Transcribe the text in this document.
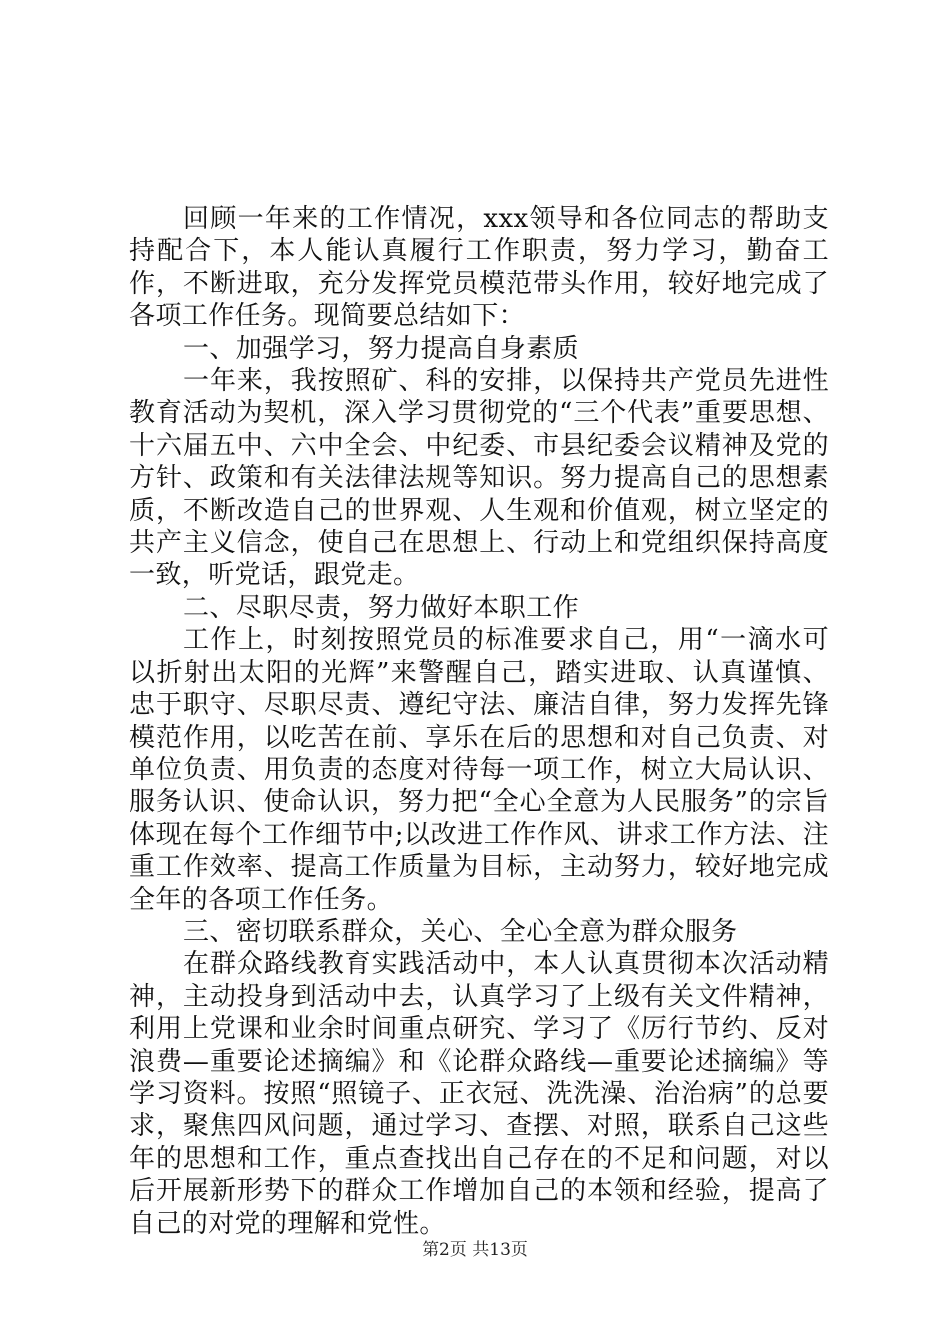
回顾一年来的工作情况，xxx领导和各位同志的帮助支持配合下，本人能认真履行工作职责，努力学习，勤奋工作，不断进取，充分发挥党员模范带头作用，较好地完成了各项工作任务。现简要总结如下：

一、加强学习，努力提高自身素质

一年来，我按照矿、科的安排，以保持共产党员先进性教育活动为契机，深入学习贯彻党的“三个代表”重要思想、十六届五中、六中全会、中纪委、市县纪委会议精神及党的方针、政策和有关法律法规等知识。努力提高自己的思想素质，不断改造自己的世界观、人生观和价值观，树立坚定的共产主义信念，使自己在思想上、行动上和党组织保持高度一致，听党话，跟党走。

二、尽职尽责，努力做好本职工作

工作上，时刻按照党员的标准要求自己，用“一滴水可以折射出太阳的光辉”来警醒自己，踏实进取、认真谨慎、忠于职守、尽职尽责、遵纪守法、廉洁自律，努力发挥先锋模范作用，以吃苦在前、享乐在后的思想和对自己负责、对单位负责、用负责的态度对待每一项工作，树立大局认识、服务认识、使命认识，努力把“全心全意为人民服务”的宗旨体现在每个工作细节中;以改进工作作风、讲求工作方法、注重工作效率、提高工作质量为目标，主动努力，较好地完成全年的各项工作任务。

三、密切联系群众，关心、全心全意为群众服务

在群众路线教育实践活动中，本人认真贯彻本次活动精神，主动投身到活动中去，认真学习了上级有关文件精神，利用上党课和业余时间重点研究、学习了《厉行节约、反对浪费—重要论述摘编》和《论群众路线—重要论述摘编》等学习资料。按照“照镜子、正衣冠、洗洗澡、治治病”的总要求，聚焦四风问题，通过学习、查摆、对照，联系自己这些年的思想和工作，重点查找出自己存在的不足和问题，对以后开展新形势下的群众工作增加自己的本领和经验，提高了自己的对党的理解和党性。

第2页 共13页
